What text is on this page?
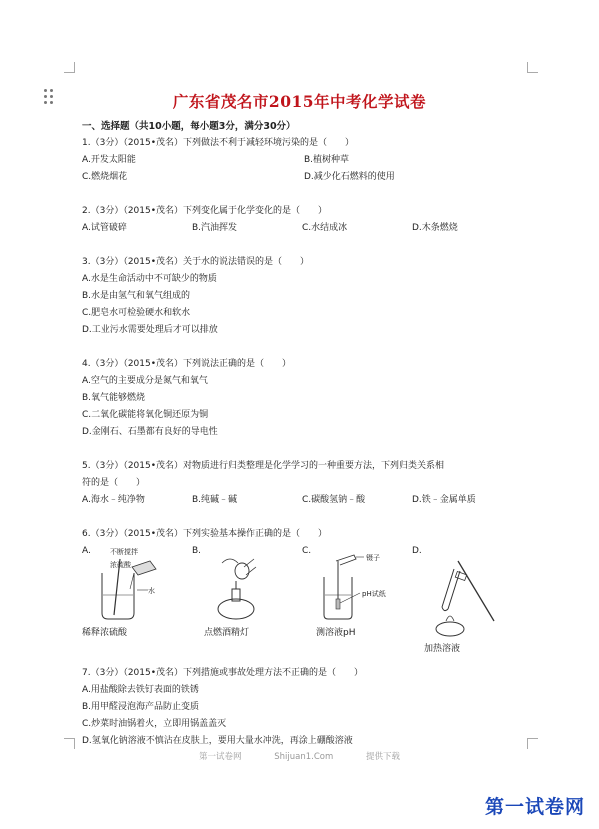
广东省茂名市2015年中考化学试卷
一、选择题（共10小题，每小题3分，满分30分）
1.（3分）（2015•茂名）下列做法不利于减轻环境污染的是（　　）
A.开发太阳能	B.植树种草
C.燃烧烟花	D.减少化石燃料的使用
2.（3分）（2015•茂名）下列变化属于化学变化的是（　　）
A.试管破碎	B.汽油挥发	C.水结成冰	D.木条燃烧
3.（3分）（2015•茂名）关于水的说法错误的是（　　）
A.水是生命活动中不可缺少的物质
B.水是由氢气和氧气组成的
C.肥皂水可检验硬水和软水
D.工业污水需要处理后才可以排放
4.（3分）（2015•茂名）下列说法正确的是（　　）
A.空气的主要成分是氮气和氧气
B.氧气能够燃烧
C.二氧化碳能将氧化铜还原为铜
D.金刚石、石墨都有良好的导电性
5.（3分）（2015•茂名）对物质进行归类整理是化学学习的一种重要方法，下列归类关系相
符的是（　　）
A.海水﹣纯净物	B.纯碱﹣碱	C.碳酸氢钠﹣酸	D.铁﹣金属单质
6.（3分）（2015•茂名）下列实验基本操作正确的是（　　）
不断搅拌
浓硫酸
水
A.
稀释浓硫酸
B.
点燃酒精灯
镊子
pH试纸
C.
测溶液pH
D.
加热溶液
7.（3分）（2015•茂名）下列措施或事故处理方法不正确的是（　　）
A.用盐酸除去铁钉表面的铁锈
B.用甲醛浸泡海产品防止变质
C.炒菜时油锅着火，立即用锅盖盖灭
D.氢氧化钠溶液不慎沾在皮肤上，要用大量水冲洗，再涂上硼酸溶液
第一试卷网	Shijuan1.Com	提供下载
第一试卷网
